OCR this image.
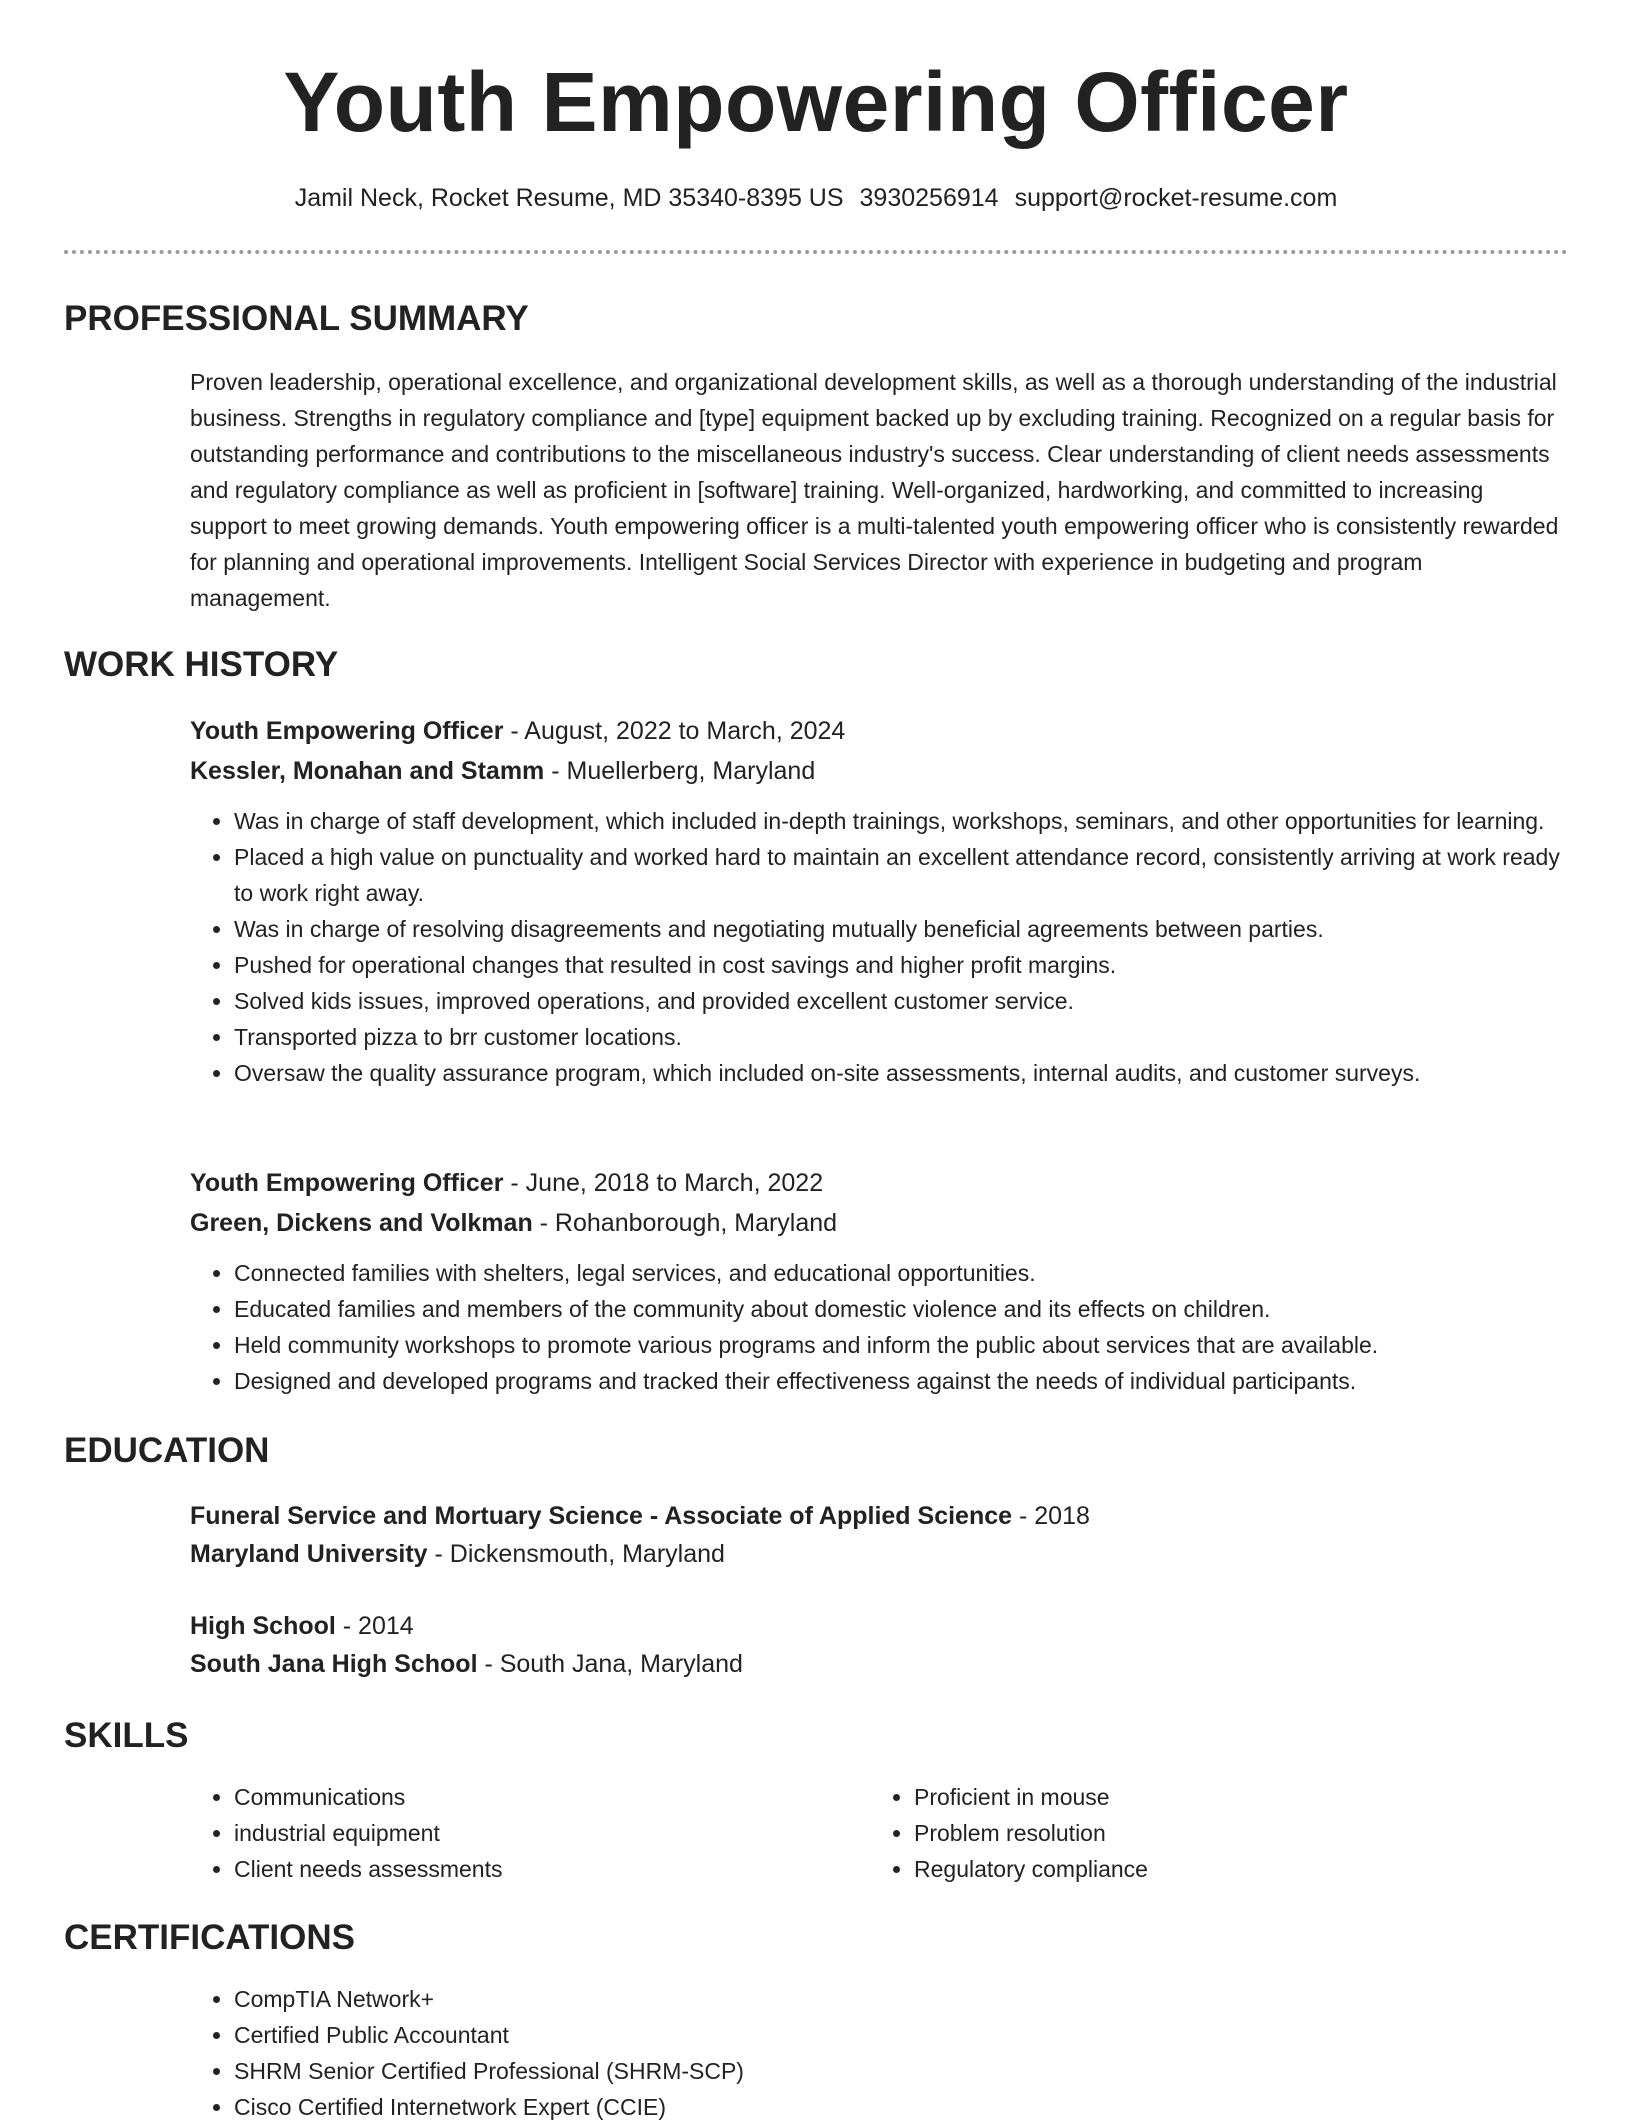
Youth Empowering Officer
Jamil Neck, Rocket Resume, MD 35340-8395 US 3930256914 support@rocket-resume.com
PROFESSIONAL SUMMARY
Proven leadership, operational excellence, and organizational development skills, as well as a thorough understanding of the industrial business. Strengths in regulatory compliance and [type] equipment backed up by excluding training. Recognized on a regular basis for outstanding performance and contributions to the miscellaneous industry's success. Clear understanding of client needs assessments and regulatory compliance as well as proficient in [software] training. Well-organized, hardworking, and committed to increasing support to meet growing demands. Youth empowering officer is a multi-talented youth empowering officer who is consistently rewarded for planning and operational improvements. Intelligent Social Services Director with experience in budgeting and program management.
WORK HISTORY
Youth Empowering Officer - August, 2022 to March, 2024
Kessler, Monahan and Stamm - Muellerberg, Maryland
• Was in charge of staff development, which included in-depth trainings, workshops, seminars, and other opportunities for learning.
• Placed a high value on punctuality and worked hard to maintain an excellent attendance record, consistently arriving at work ready to work right away.
• Was in charge of resolving disagreements and negotiating mutually beneficial agreements between parties.
• Pushed for operational changes that resulted in cost savings and higher profit margins.
• Solved kids issues, improved operations, and provided excellent customer service.
• Transported pizza to brr customer locations.
• Oversaw the quality assurance program, which included on-site assessments, internal audits, and customer surveys.
Youth Empowering Officer - June, 2018 to March, 2022
Green, Dickens and Volkman - Rohanborough, Maryland
• Connected families with shelters, legal services, and educational opportunities.
• Educated families and members of the community about domestic violence and its effects on children.
• Held community workshops to promote various programs and inform the public about services that are available.
• Designed and developed programs and tracked their effectiveness against the needs of individual participants.
EDUCATION
Funeral Service and Mortuary Science - Associate of Applied Science - 2018
Maryland University - Dickensmouth, Maryland
High School - 2014
South Jana High School - South Jana, Maryland
SKILLS
• Communications
• industrial equipment
• Client needs assessments
• Proficient in mouse
• Problem resolution
• Regulatory compliance
CERTIFICATIONS
• CompTIA Network+
• Certified Public Accountant
• SHRM Senior Certified Professional (SHRM-SCP)
• Cisco Certified Internetwork Expert (CCIE)
